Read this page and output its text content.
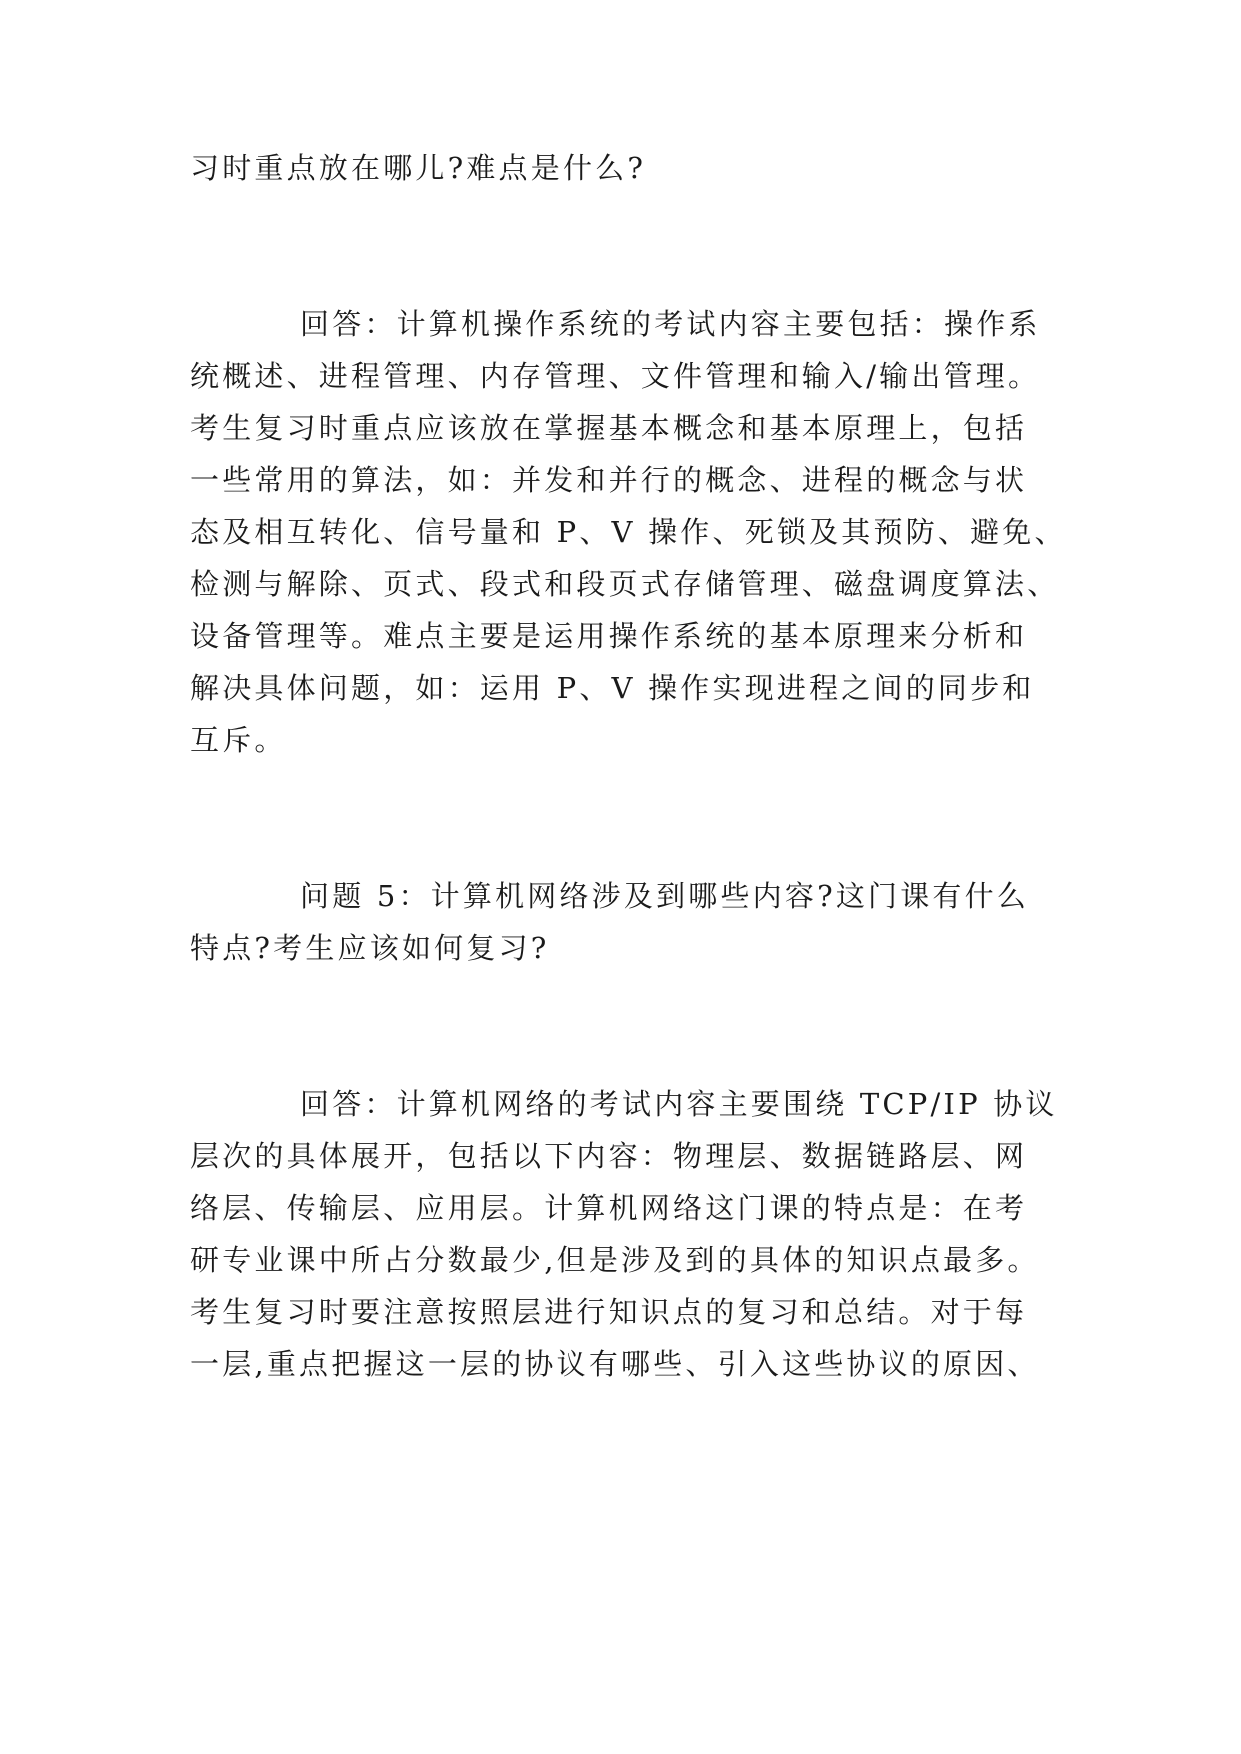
习时重点放在哪儿?难点是什么?
回答：计算机操作系统的考试内容主要包括：操作系
统概述、进程管理、内存管理、文件管理和输入/输出管理。
考生复习时重点应该放在掌握基本概念和基本原理上，包括
一些常用的算法，如：并发和并行的概念、进程的概念与状
态及相互转化、信号量和 P、V 操作、死锁及其预防、避免、
检测与解除、页式、段式和段页式存储管理、磁盘调度算法、
设备管理等。难点主要是运用操作系统的基本原理来分析和
解决具体问题，如：运用 P、V 操作实现进程之间的同步和
互斥。
问题 5：计算机网络涉及到哪些内容?这门课有什么
特点?考生应该如何复习?
回答：计算机网络的考试内容主要围绕 TCP/IP 协议
层次的具体展开，包括以下内容：物理层、数据链路层、网
络层、传输层、应用层。计算机网络这门课的特点是：在考
研专业课中所占分数最少,但是涉及到的具体的知识点最多。
考生复习时要注意按照层进行知识点的复习和总结。对于每
一层,重点把握这一层的协议有哪些、引入这些协议的原因、
